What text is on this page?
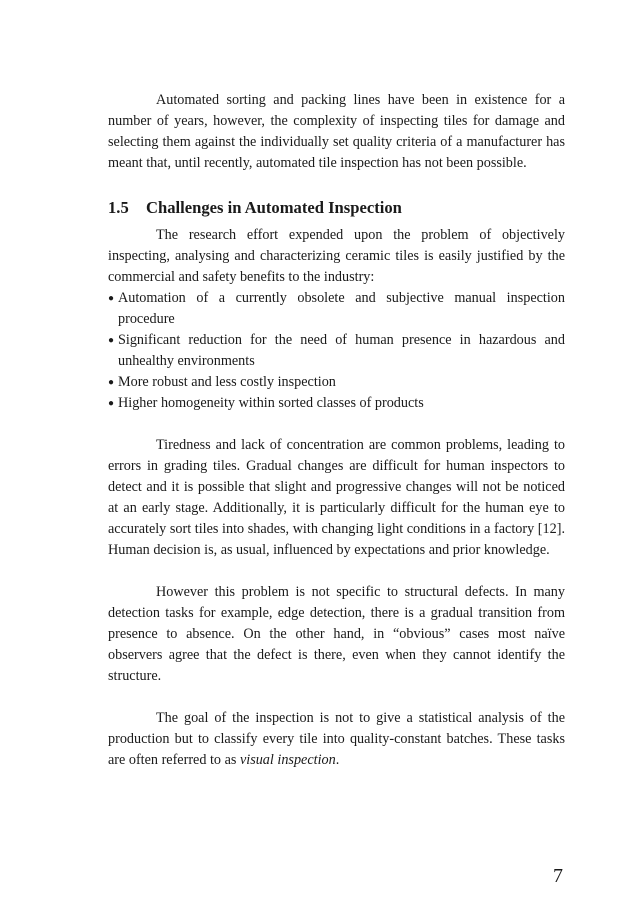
Automated sorting and packing lines have been in existence for a number of years, however, the complexity of inspecting tiles for damage and selecting them against the individually set quality criteria of a manufacturer has meant that, until recently, automated tile inspection has not been possible.

1.5 Challenges in Automated Inspection

The research effort expended upon the problem of objectively inspecting, analysing and characterizing ceramic tiles is easily justified by the commercial and safety benefits to the industry:

● Automation of a currently obsolete and subjective manual inspection procedure
● Significant reduction for the need of human presence in hazardous and unhealthy environments
● More robust and less costly inspection
● Higher homogeneity within sorted classes of products

Tiredness and lack of concentration are common problems, leading to errors in grading tiles. Gradual changes are difficult for human inspectors to detect and it is possible that slight and progressive changes will not be noticed at an early stage. Additionally, it is particularly difficult for the human eye to accurately sort tiles into shades, with changing light conditions in a factory [12]. Human decision is, as usual, influenced by expectations and prior knowledge.

However this problem is not specific to structural defects. In many detection tasks for example, edge detection, there is a gradual transition from presence to absence. On the other hand, in “obvious” cases most naïve observers agree that the defect is there, even when they cannot identify the structure.

The goal of the inspection is not to give a statistical analysis of the production but to classify every tile into quality-constant batches. These tasks are often referred to as visual inspection.

7
